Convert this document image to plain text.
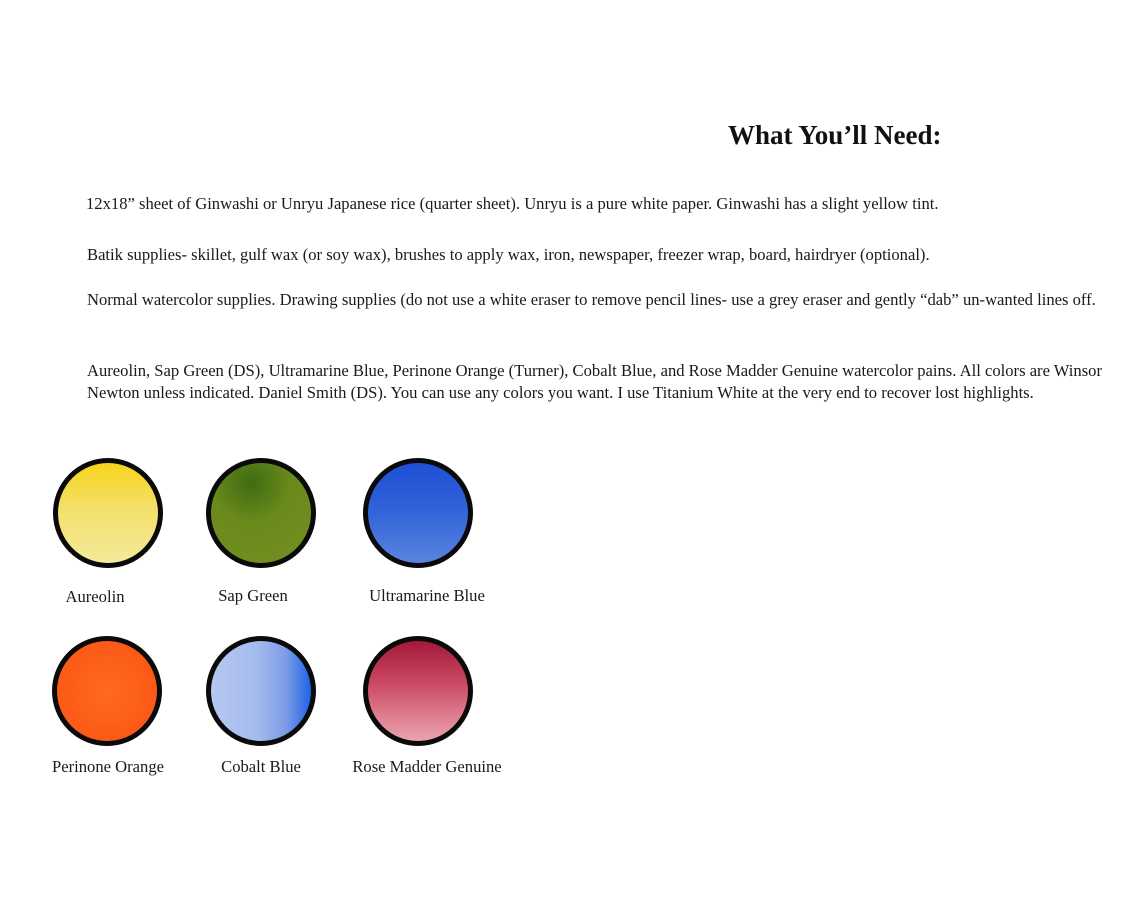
What You’ll Need:
12x18” sheet of Ginwashi or Unryu Japanese rice (quarter sheet). Unryu is a pure white paper. Ginwashi has a slight yellow tint.
Batik supplies- skillet, gulf wax (or soy wax), brushes to apply wax, iron, newspaper, freezer wrap, board, hairdryer (optional).
Normal watercolor supplies. Drawing supplies (do not use a white eraser to remove pencil lines- use a grey eraser and gently “dab” un-wanted lines off.
Aureolin, Sap Green (DS), Ultramarine Blue, Perinone Orange (Turner), Cobalt Blue, and Rose Madder Genuine watercolor pains. All colors are Winsor Newton unless indicated. Daniel Smith (DS). You can use any colors you want. I use Titanium White at the very end to recover lost highlights.
Aureolin	Sap Green	Ultramarine Blue
Perinone Orange	Cobalt Blue	Rose Madder Genuine
